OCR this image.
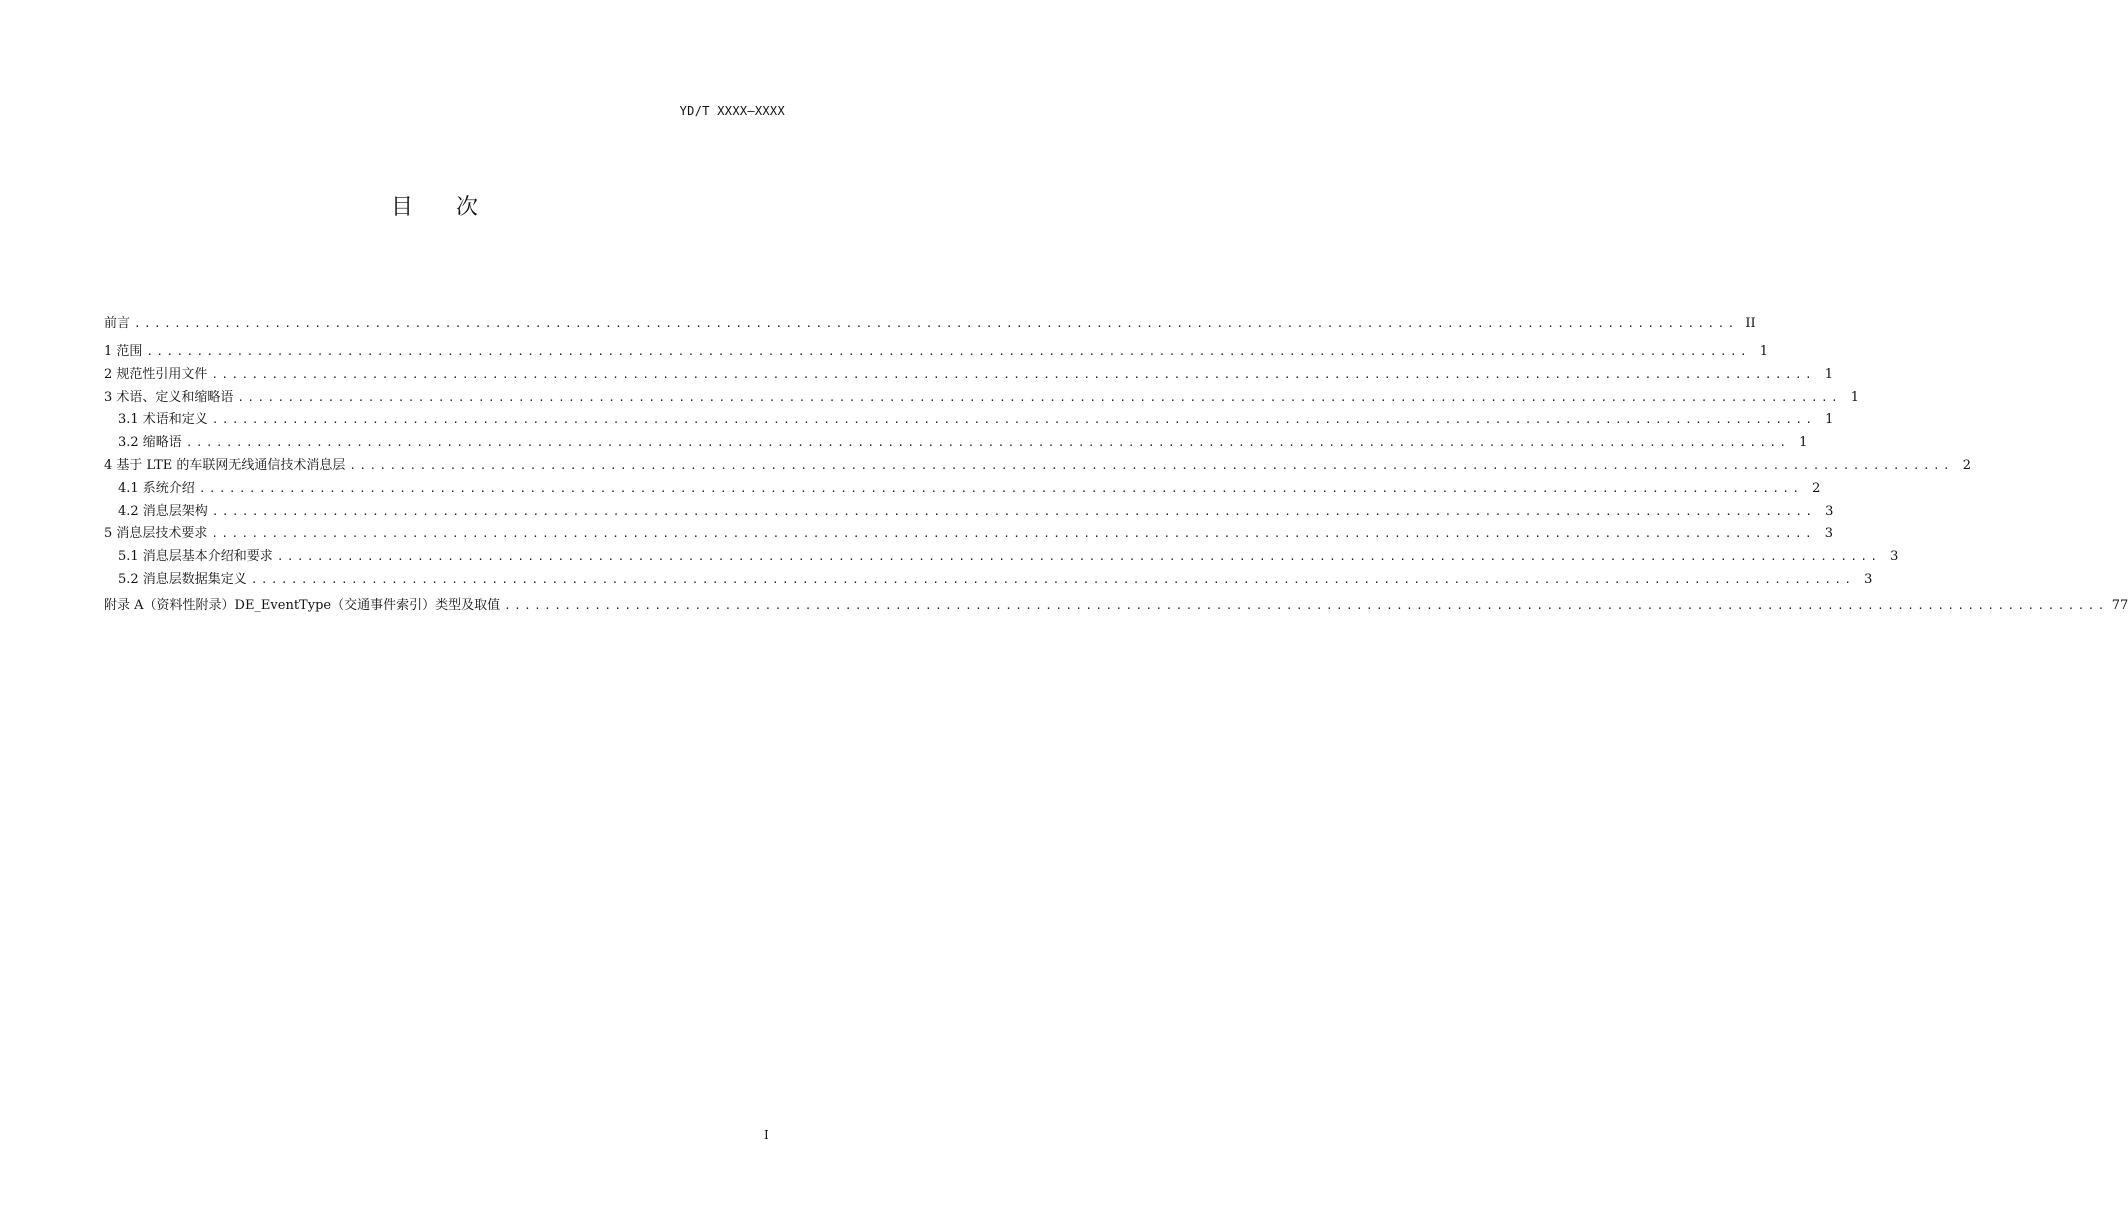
YD/T XXXX—XXXX
目 次
前言 ................................................................................................................................................................ II
1 范围 ................................................................................................................................................................ 1
2 规范性引用文件 ................................................................................................................................................................ 1
3 术语、定义和缩略语 ................................................................................................................................................................ 1
3.1 术语和定义 ................................................................................................................................................................ 1
3.2 缩略语 ................................................................................................................................................................ 1
4 基于 LTE 的车联网无线通信技术消息层 ................................................................................................................................................................ 2
4.1 系统介绍 ................................................................................................................................................................ 2
4.2 消息层架构 ................................................................................................................................................................ 3
5 消息层技术要求 ................................................................................................................................................................ 3
5.1 消息层基本介绍和要求 ................................................................................................................................................................ 3
5.2 消息层数据集定义 ................................................................................................................................................................ 3
附录 A（资料性附录）DE_EventType（交通事件索引）类型及取值 ................................................................................................................................................................ 77
I
